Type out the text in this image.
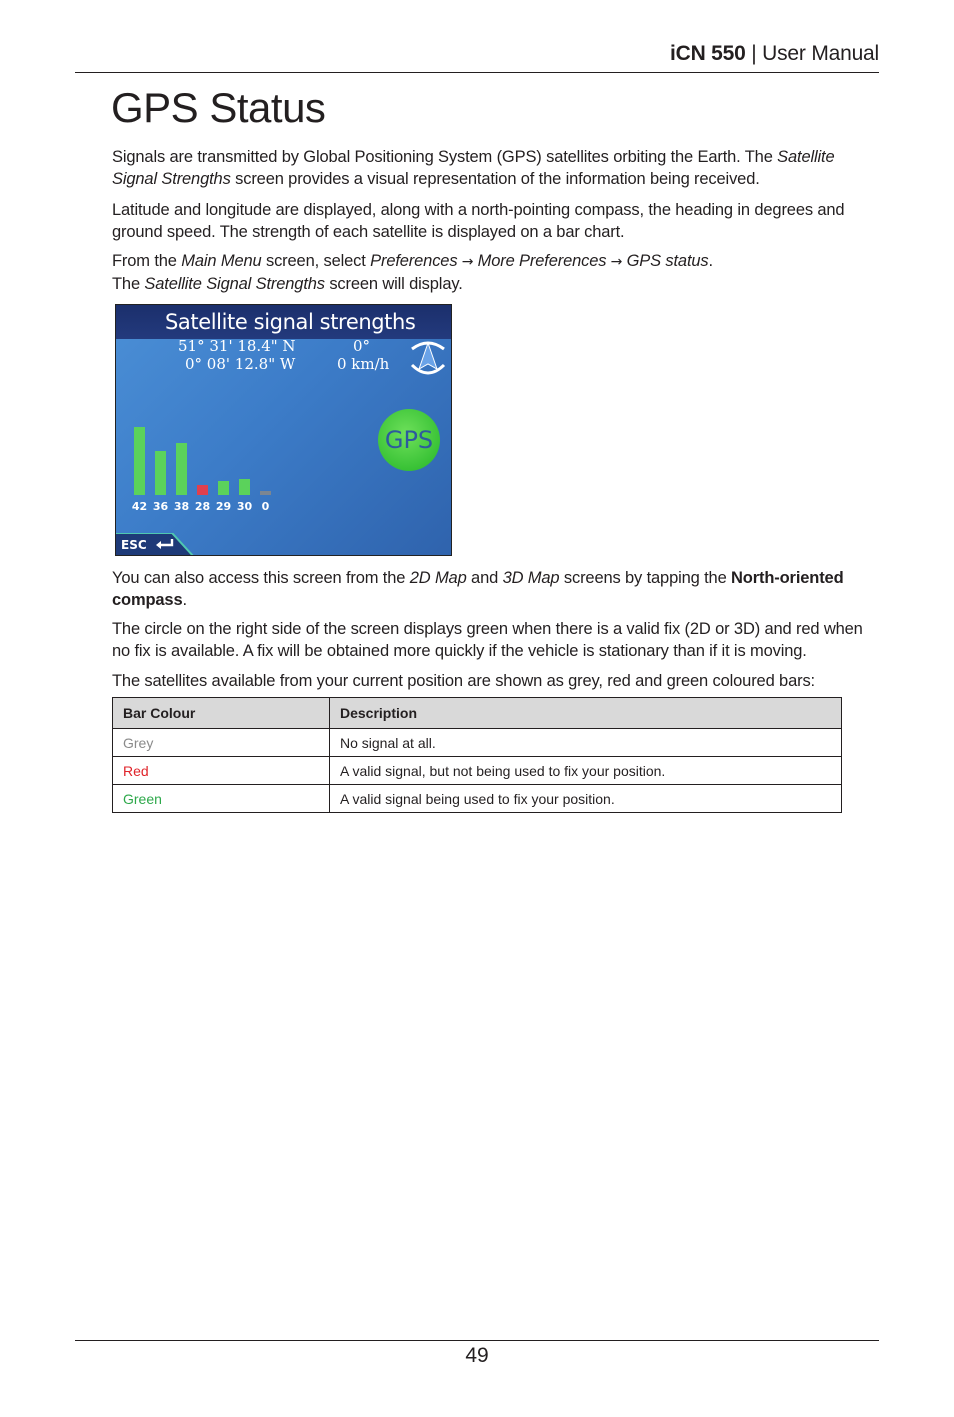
iCN 550 | User Manual
GPS Status

Signals are transmitted by Global Positioning System (GPS) satellites orbiting the Earth. The Satellite Signal Strengths screen provides a visual representation of the information being received.

Latitude and longitude are displayed, along with a north-pointing compass, the heading in degrees and ground speed. The strength of each satellite is displayed on a bar chart.

From the Main Menu screen, select Preferences → More Preferences → GPS status.
The Satellite Signal Strengths screen will display.

Satellite signal strengths
51° 31' 18.4" N
0° 08' 12.8" W
0°
0 km/h
42 36 38 28 29 30 0
GPS
ESC

You can also access this screen from the 2D Map and 3D Map screens by tapping the North-oriented compass.

The circle on the right side of the screen displays green when there is a valid fix (2D or 3D) and red when no fix is available. A fix will be obtained more quickly if the vehicle is stationary than if it is moving.

The satellites available from your current position are shown as grey, red and green coloured bars:

Bar Colour	Description
Grey	No signal at all.
Red	A valid signal, but not being used to fix your position.
Green	A valid signal being used to fix your position.
49
